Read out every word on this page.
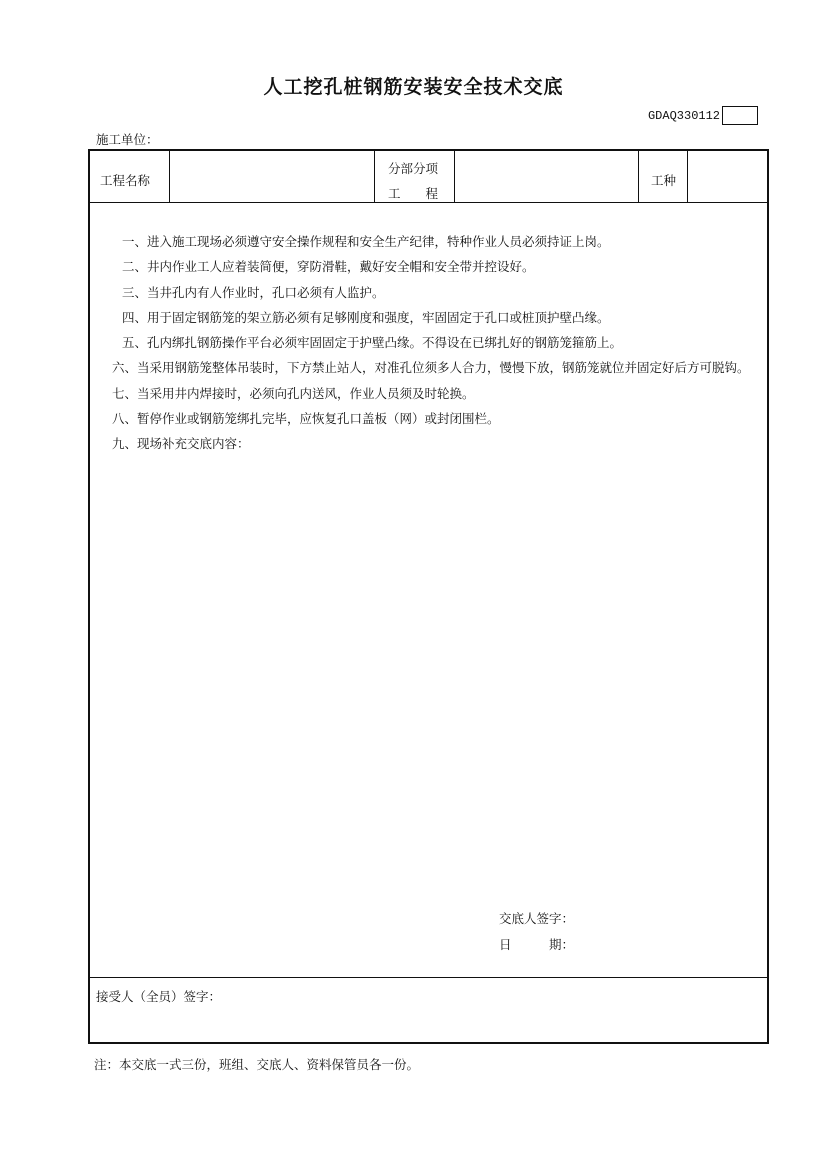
人工挖孔桩钢筋安装安全技术交底
GDAQ330112
施工单位：
工程名称
分部分项
工　　程
工种

一、进入施工现场必须遵守安全操作规程和安全生产纪律，特种作业人员必须持证上岗。

二、井内作业工人应着装简便，穿防滑鞋，戴好安全帽和安全带并控设好。

三、当井孔内有人作业时，孔口必须有人监护。

四、用于固定钢筋笼的架立筋必须有足够刚度和强度，牢固固定于孔口或桩顶护壁凸缘。

五、孔内绑扎钢筋操作平台必须牢固固定于护壁凸缘。不得设在已绑扎好的钢筋笼箍筋上。

六、当采用钢筋笼整体吊装时，下方禁止站人，对准孔位须多人合力，慢慢下放，钢筋笼就位并固定好后方可脱钩。

七、当采用井内焊接时，必须向孔内送风，作业人员须及时轮换。

八、暂停作业或钢筋笼绑扎完毕，应恢复孔口盖板（网）或封闭围栏。

九、现场补充交底内容：

交底人签字：
日　　　期：
接受人（全员）签字：
注：本交底一式三份，班组、交底人、资料保管员各一份。
